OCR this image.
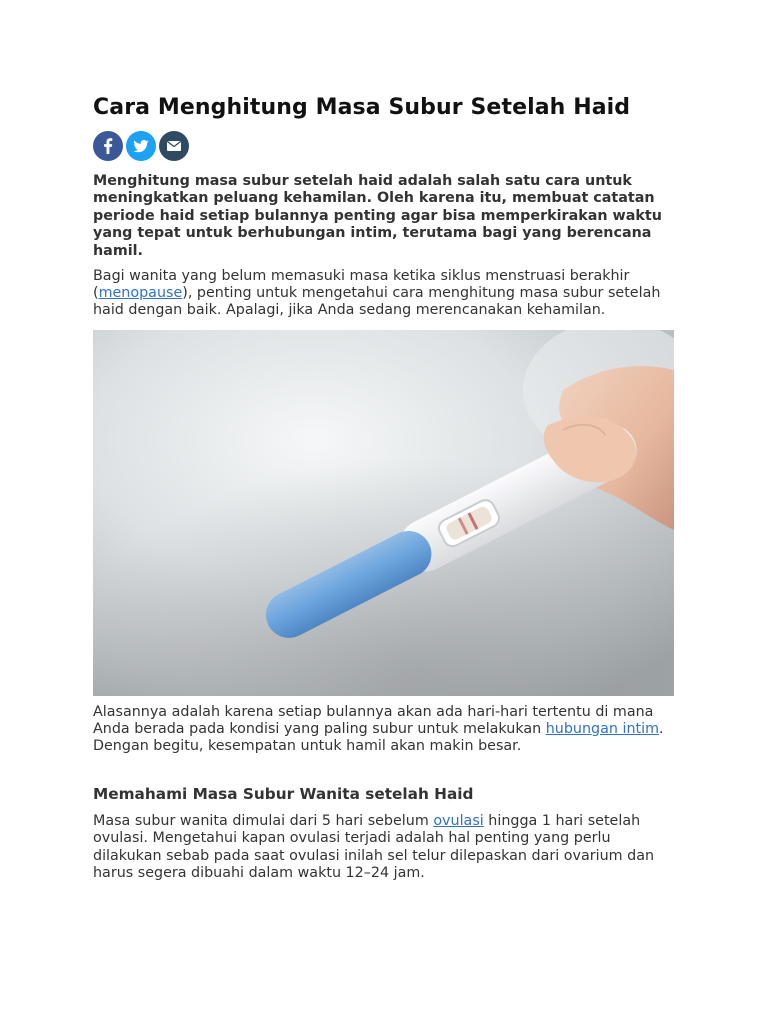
Cara Menghitung Masa Subur Setelah Haid

Menghitung masa subur setelah haid adalah salah satu cara untuk meningkatkan peluang kehamilan. Oleh karena itu, membuat catatan periode haid setiap bulannya penting agar bisa memperkirakan waktu yang tepat untuk berhubungan intim, terutama bagi yang berencana hamil.

Bagi wanita yang belum memasuki masa ketika siklus menstruasi berakhir (menopause), penting untuk mengetahui cara menghitung masa subur setelah haid dengan baik. Apalagi, jika Anda sedang merencanakan kehamilan.

Alasannya adalah karena setiap bulannya akan ada hari-hari tertentu di mana Anda berada pada kondisi yang paling subur untuk melakukan hubungan intim. Dengan begitu, kesempatan untuk hamil akan makin besar.

Memahami Masa Subur Wanita setelah Haid

Masa subur wanita dimulai dari 5 hari sebelum ovulasi hingga 1 hari setelah ovulasi. Mengetahui kapan ovulasi terjadi adalah hal penting yang perlu dilakukan sebab pada saat ovulasi inilah sel telur dilepaskan dari ovarium dan harus segera dibuahi dalam waktu 12–24 jam.
